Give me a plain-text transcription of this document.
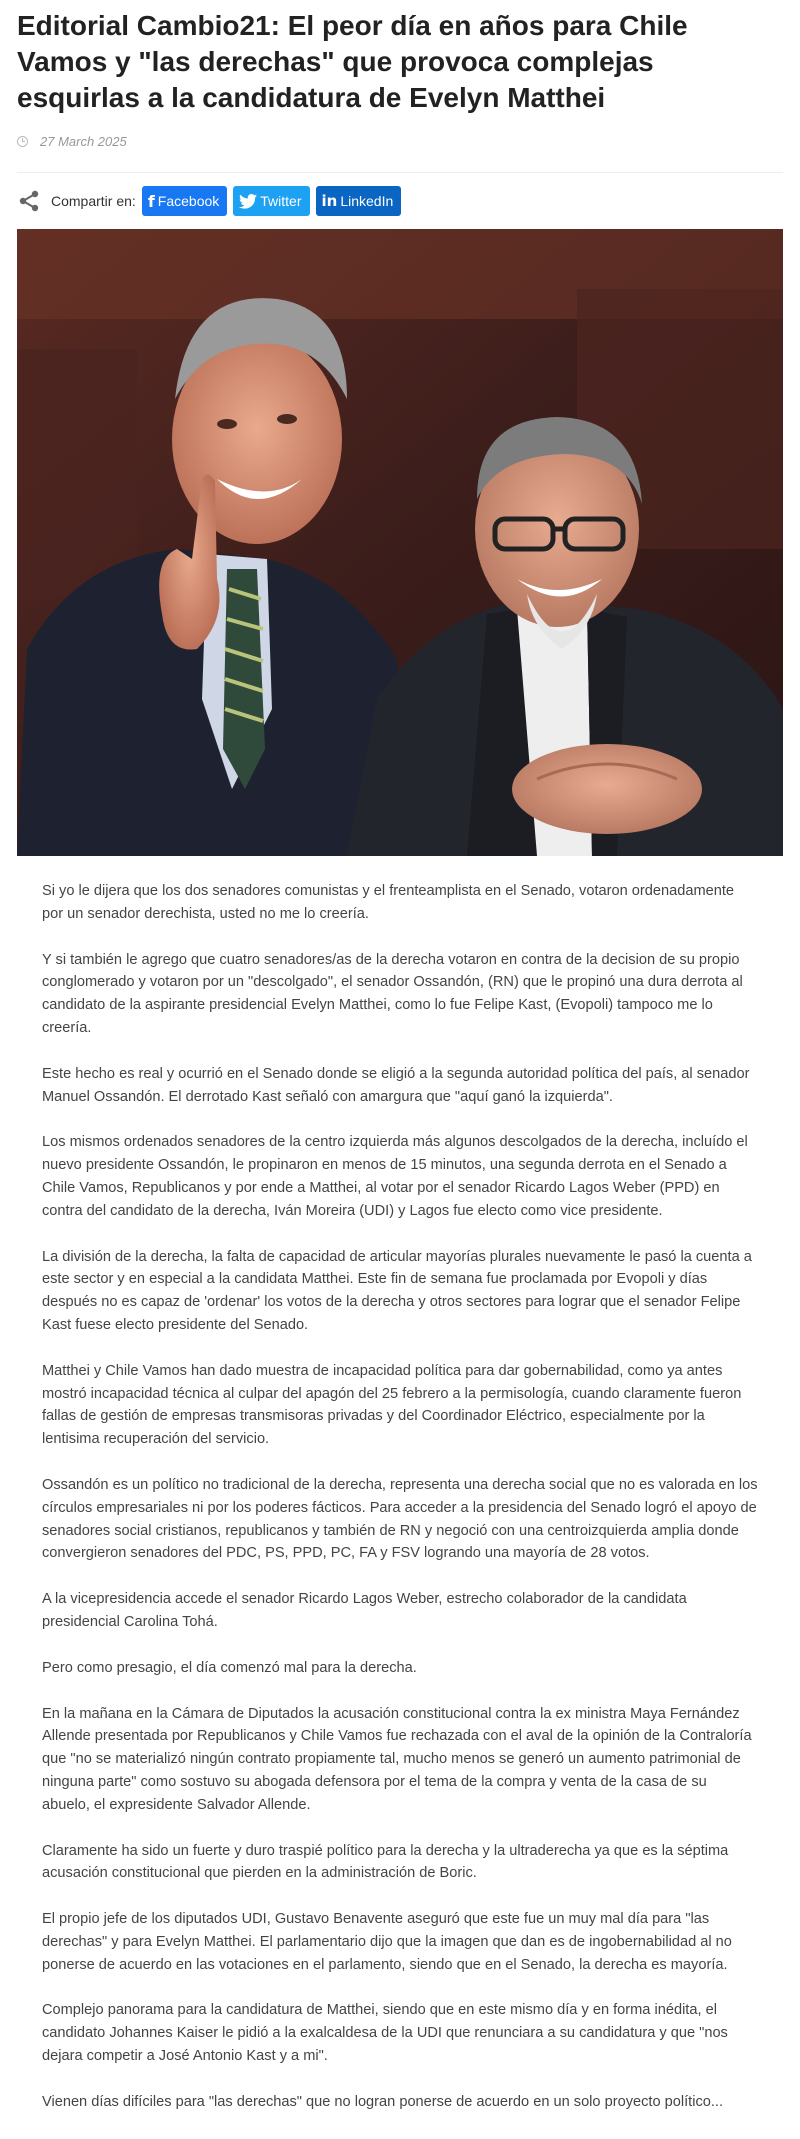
Editorial Cambio21: El peor día en años para Chile Vamos y "las derechas" que provoca complejas esquirlas a la candidatura de Evelyn Matthei
27 March 2025
Compartir en: f Facebook	Twitter in LinkedIn

Si yo le dijera que los dos senadores comunistas y el frenteamplista en el Senado, votaron ordenadamente por un senador derechista, usted no me lo creería.

Y si también le agrego que cuatro senadores/as de la derecha votaron en contra de la decision de su propio conglomerado y votaron por un "descolgado", el senador Ossandón, (RN) que le propinó una dura derrota al candidato de la aspirante presidencial Evelyn Matthei, como lo fue Felipe Kast, (Evopoli) tampoco me lo creería.

Este hecho es real y ocurrió en el Senado donde se eligió a la segunda autoridad política del país, al senador Manuel Ossandón. El derrotado Kast señaló con amargura que "aquí ganó la izquierda".

Los mismos ordenados senadores de la centro izquierda más algunos descolgados de la derecha, incluído el nuevo presidente Ossandón, le propinaron en menos de 15 minutos, una segunda derrota en el Senado a Chile Vamos, Republicanos y por ende a Matthei, al votar por el senador Ricardo Lagos Weber (PPD) en contra del candidato de la derecha, Iván Moreira (UDI) y Lagos fue electo como vice presidente.

La división de la derecha, la falta de capacidad de articular mayorías plurales nuevamente le pasó la cuenta a este sector y en especial a la candidata Matthei. Este fin de semana fue proclamada por Evopoli y días después no es capaz de 'ordenar' los votos de la derecha y otros sectores para lograr que el senador Felipe Kast fuese electo presidente del Senado.

Matthei y Chile Vamos han dado muestra de incapacidad política para dar gobernabilidad, como ya antes mostró incapacidad técnica al culpar del apagón del 25 febrero a la permisología, cuando claramente fueron fallas de gestión de empresas transmisoras privadas y del Coordinador Eléctrico, especialmente por la lentisima recuperación del servicio.

Ossandón es un político no tradicional de la derecha, representa una derecha social que no es valorada en los círculos empresariales ni por los poderes fácticos. Para acceder a la presidencia del Senado logró el apoyo de senadores social cristianos, republicanos y también de RN y negoció con una centroizquierda amplia donde convergieron senadores del PDC, PS, PPD, PC, FA y FSV logrando una mayoría de 28 votos.

A la vicepresidencia accede el senador Ricardo Lagos Weber, estrecho colaborador de la candidata presidencial Carolina Tohá.

Pero como presagio, el día comenzó mal para la derecha.

En la mañana en la Cámara de Diputados la acusación constitucional contra la ex ministra Maya Fernández Allende presentada por Republicanos y Chile Vamos fue rechazada con el aval de la opinión de la Contraloría que "no se materializó ningún contrato propiamente tal, mucho menos se generó un aumento patrimonial de ninguna parte" como sostuvo su abogada defensora por el tema de la compra y venta de la casa de su abuelo, el expresidente Salvador Allende.

Claramente ha sido un fuerte y duro traspié político para la derecha y la ultraderecha ya que es la séptima acusación constitucional que pierden en la administración de Boric.

El propio jefe de los diputados UDI, Gustavo Benavente aseguró que este fue un muy mal día para "las derechas" y para Evelyn Matthei. El parlamentario dijo que la imagen que dan es de ingobernabilidad al no ponerse de acuerdo en las votaciones en el parlamento, siendo que en el Senado, la derecha es mayoría.

Complejo panorama para la candidatura de Matthei, siendo que en este mismo día y en forma inédita, el candidato Johannes Kaiser le pidió a la exalcaldesa de la UDI que renunciara a su candidatura y que "nos dejara competir a José Antonio Kast y a mi".

Vienen días difíciles para "las derechas" que no logran ponerse de acuerdo en un solo proyecto político...
